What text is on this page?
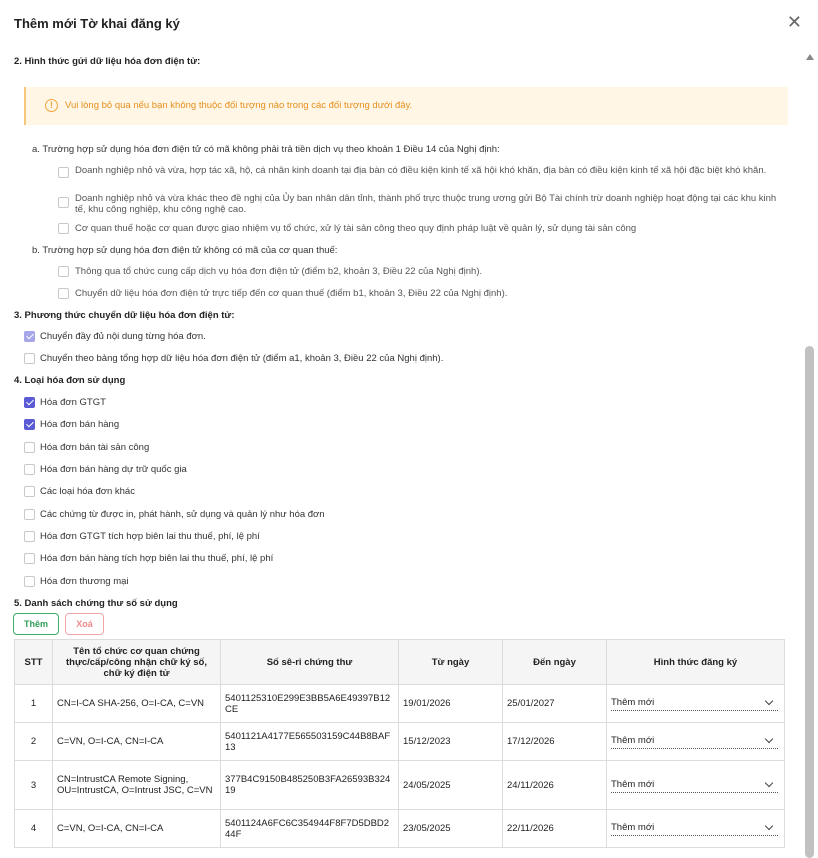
Thêm mới Tờ khai đăng ký	✕
2. Hình thức gửi dữ liệu hóa đơn điện tử:
!	Vui lòng bỏ qua nếu bạn không thuộc đối tượng nào trong các đối tượng dưới đây.
a. Trường hợp sử dụng hóa đơn điện tử có mã không phải trả tiền dịch vụ theo khoản 1 Điều 14 của Nghị định:
Doanh nghiệp nhỏ và vừa, hợp tác xã, hộ, cá nhân kinh doanh tại địa bàn có điều kiện kinh tế xã hội khó khăn, địa bàn có điều kiện kinh tế xã hội đặc biệt khó khăn.
Doanh nghiệp nhỏ và vừa khác theo đề nghị của Ủy ban nhân dân tỉnh, thành phố trực thuộc trung ương gửi Bộ Tài chính trừ doanh nghiệp hoạt động tại các khu kinh tế, khu công nghiệp, khu công nghệ cao.
Cơ quan thuế hoặc cơ quan được giao nhiệm vụ tổ chức, xử lý tài sản công theo quy định pháp luật về quản lý, sử dụng tài sản công
b. Trường hợp sử dụng hóa đơn điện tử không có mã của cơ quan thuế:
Thông qua tổ chức cung cấp dịch vụ hóa đơn điện tử (điểm b2, khoản 3, Điều 22 của Nghị định).
Chuyển dữ liệu hóa đơn điện tử trực tiếp đến cơ quan thuế (điểm b1, khoản 3, Điều 22 của Nghị định).
3. Phương thức chuyển dữ liệu hóa đơn điện tử:
Chuyển đầy đủ nội dung từng hóa đơn.
Chuyển theo bảng tổng hợp dữ liệu hóa đơn điện tử (điểm a1, khoản 3, Điều 22 của Nghị định).
4. Loại hóa đơn sử dụng
Hóa đơn GTGT
Hóa đơn bán hàng
Hóa đơn bán tài sản công
Hóa đơn bán hàng dự trữ quốc gia
Các loại hóa đơn khác
Các chứng từ được in, phát hành, sử dụng và quản lý như hóa đơn
Hóa đơn GTGT tích hợp biên lai thu thuế, phí, lệ phí
Hóa đơn bán hàng tích hợp biên lai thu thuế, phí, lệ phí
Hóa đơn thương mại
5. Danh sách chứng thư số sử dụng
Thêm	Xoá
STT	Tên tổ chức cơ quan chứng thực/cấp/công nhận chữ ký số, chữ ký điện tử	Số sê-ri chứng thư	Từ ngày	Đến ngày	Hình thức đăng ký
1	CN=I-CA SHA-256, O=I-CA, C=VN	5401125310E299E3BB5A6E49397B12CE	19/01/2026	25/01/2027	Thêm mới

2	C=VN, O=I-CA, CN=I-CA	5401121A4177E565503159C44B8BAF13	15/12/2023	17/12/2026	Thêm mới

3	CN=IntrustCA Remote Signing, OU=IntrustCA, O=Intrust JSC, C=VN	377B4C9150B485250B3FA26593B32419	24/05/2025	24/11/2026	Thêm mới

4	C=VN, O=I-CA, CN=I-CA	5401124A6FC6C354944F8F7D5DBD244F	23/05/2025	22/11/2026	Thêm mới
